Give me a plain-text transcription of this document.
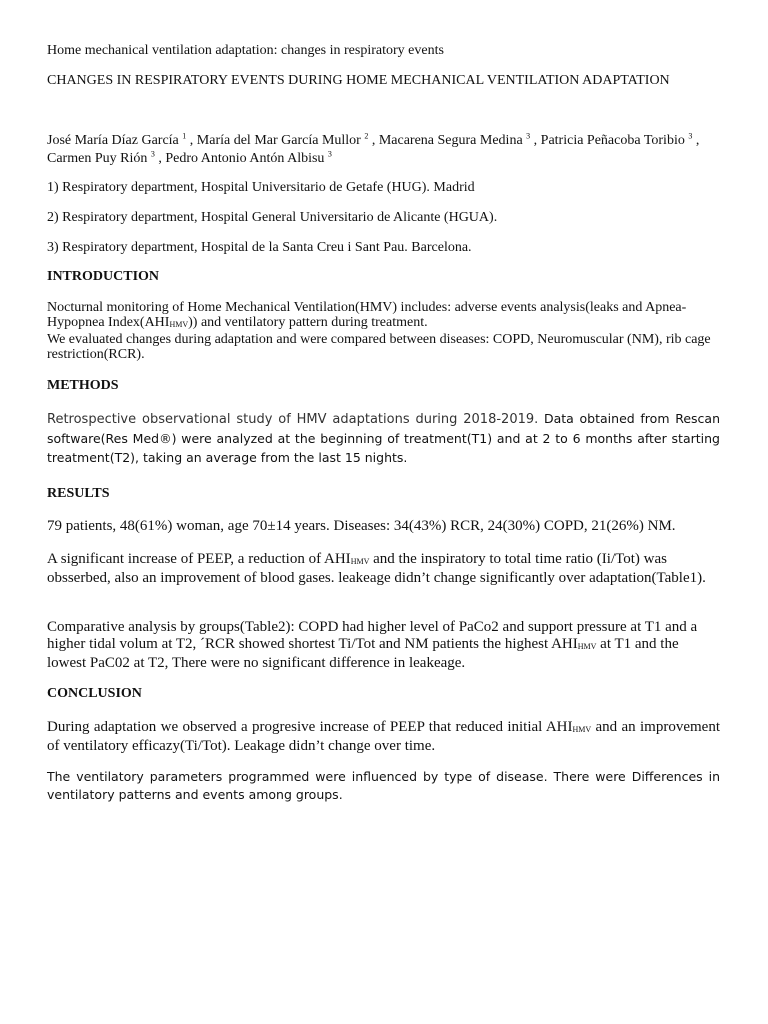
Home mechanical ventilation adaptation: changes in respiratory events
CHANGES IN RESPIRATORY EVENTS DURING HOME MECHANICAL VENTILATION ADAPTATION
José María Díaz García $^1$ , María del Mar García Mullor $^2$ , Macarena Segura Medina $^3$ , Patricia Peñacoba Toribio $^3$ ,
Carmen Puy Rión $^3$ , Pedro Antonio Antón Albisu $^3$
1) Respiratory department, Hospital Universitario de Getafe (HUG). Madrid
2) Respiratory department, Hospital General Universitario de Alicante (HGUA).
3) Respiratory department, Hospital de la Santa Creu i Sant Pau. Barcelona.
INTRODUCTION
Nocturnal monitoring of Home Mechanical Ventilation(HMV) includes: adverse events analysis(leaks and Apnea-Hypopnea Index(AHIHMV)) and ventilatory pattern during treatment.
We evaluated changes during adaptation and were compared between diseases: COPD, Neuromuscular (NM), rib cage restriction(RCR).
METHODS
Retrospective observational study of HMV adaptations during 2018-2019. Data obtained from Rescan software(Res Med®) were analyzed at the beginning of treatment(T1) and at 2 to 6 months after starting treatment(T2), taking an average from the last 15 nights.
RESULTS
79 patients, 48(61%) woman, age 70±14 years. Diseases: 34(43%) RCR, 24(30%) COPD, 21(26%) NM.
A significant increase of PEEP, a reduction of AHIHMV and the inspiratory to total time ratio (Ii/Tot) was obsserbed, also an improvement of blood gases. leakeage didn’t change significantly over adaptation(Table1).
Comparative analysis by groups(Table2): COPD had higher level of PaCo2 and support pressure at T1 and a higher tidal volum at T2, ´RCR showed shortest Ti/Tot and NM patients the highest AHIHMV at T1 and the lowest PaC02 at T2, There were no significant difference in leakeage.
CONCLUSION
During adaptation we observed a progresive increase of PEEP that reduced initial AHIHMV and an improvement of ventilatory efficazy(Ti/Tot). Leakage didn’t change over time.
The ventilatory parameters programmed were influenced by type of disease. There were Differences in ventilatory patterns and events among groups.
